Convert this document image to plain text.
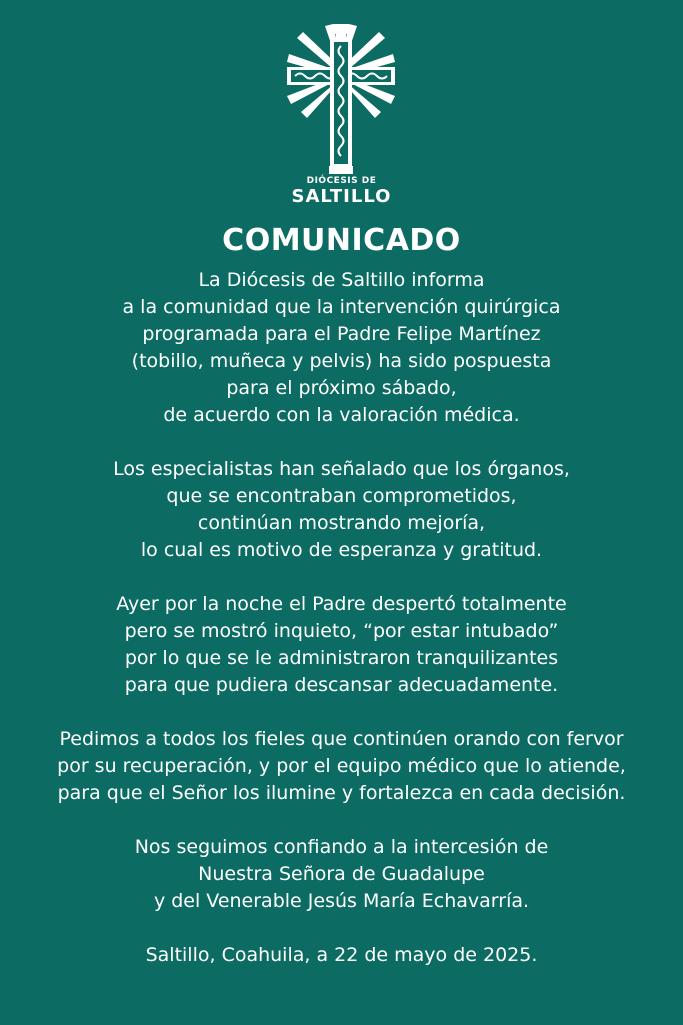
DIÓCESIS DE
SALTILLO
COMUNICADO

La Diócesis de Saltillo informa
a la comunidad que la intervención quirúrgica
programada para el Padre Felipe Martínez
(tobillo, muñeca y pelvis) ha sido pospuesta
para el próximo sábado,
de acuerdo con la valoración médica.

Los especialistas han señalado que los órganos,
que se encontraban comprometidos,
continúan mostrando mejoría,
lo cual es motivo de esperanza y gratitud.

Ayer por la noche el Padre despertó totalmente
pero se mostró inquieto, “por estar intubado”
por lo que se le administraron tranquilizantes
para que pudiera descansar adecuadamente.

Pedimos a todos los fieles que continúen orando con fervor
por su recuperación, y por el equipo médico que lo atiende,
para que el Señor los ilumine y fortalezca en cada decisión.

Nos seguimos confiando a la intercesión de
Nuestra Señora de Guadalupe
y del Venerable Jesús María Echavarría.

Saltillo, Coahuila, a 22 de mayo de 2025.
